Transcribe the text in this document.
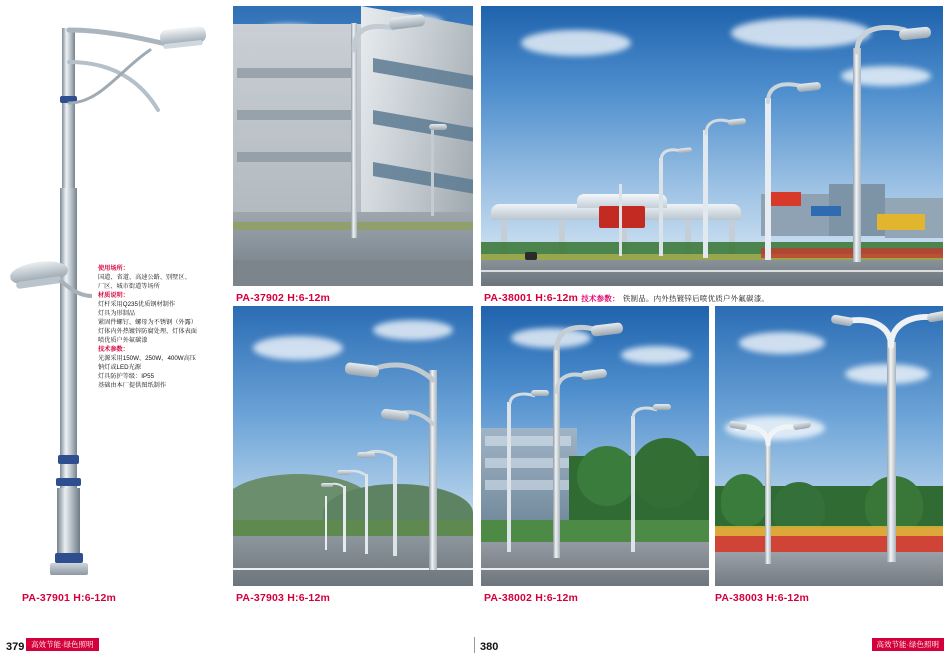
使用场所：
国道、省道、高速公路、别墅区、
厂区、城市街道等场所
材质说明：
灯杆采用Q235优质钢材制作
灯具为形制品
紧固件螺钉、螺母为不锈钢（外露）
灯体内外热镀锌防腐处理、灯体表面
喷优质户外氟碳漆
技术参数：
光源采用150W、250W、400W高压
钠灯或LED光源
灯具防护等级：IP55
基础由本厂提供图纸制作
PA-37901 H:6-12m
PA-37902 H:6-12m	PA-38001 H:6-12m 技术参数： 铁制品。内外热镀锌后喷优质户外氟碳漆。
PA-37903 H:6-12m	PA-38002 H:6-12m	PA-38003 H:6-12m
379 高效节能·绿色照明	380	高效节能·绿色照明
